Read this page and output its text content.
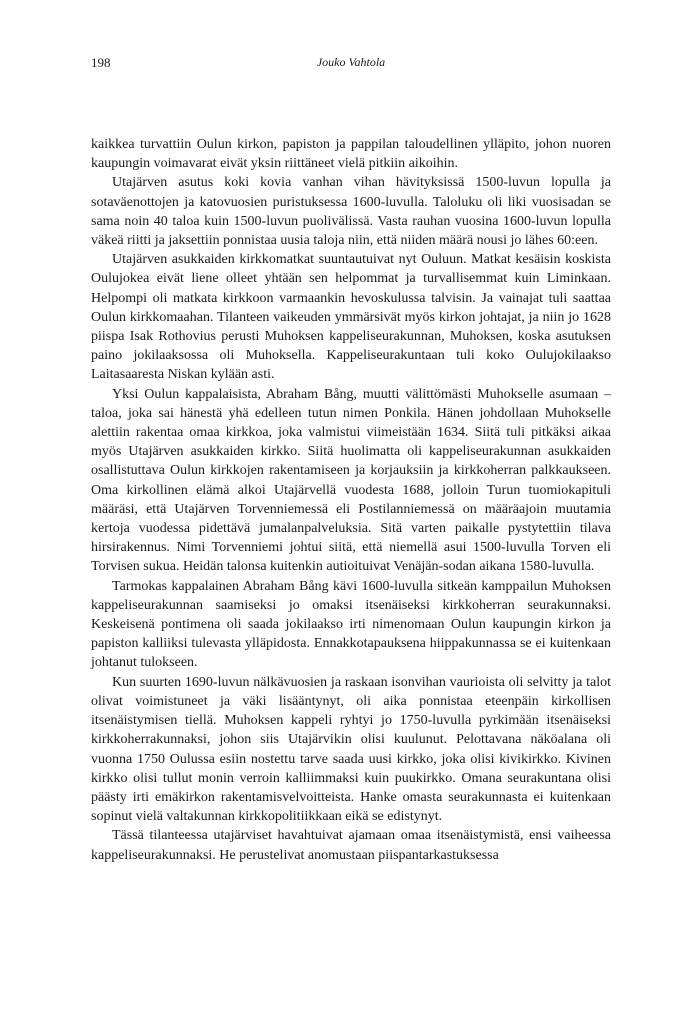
198	Jouko Vahtola

kaikkea turvattiin Oulun kirkon, papiston ja pappilan taloudellinen ylläpito, johon nuoren kaupungin voimavarat eivät yksin riittäneet vielä pitkiin aikoihin.

Utajärven asutus koki kovia vanhan vihan hävityksissä 1500-luvun lopulla ja sotaväenottojen ja katovuosien puristuksessa 1600-luvulla. Taloluku oli liki vuosisadan se sama noin 40 taloa kuin 1500-luvun puolivälissä. Vasta rauhan vuosina 1600-luvun lopulla väkeä riitti ja jaksettiin ponnistaa uusia taloja niin, että niiden määrä nousi jo lähes 60:een.

Utajärven asukkaiden kirkkomatkat suuntautuivat nyt Ouluun. Matkat kesäisin koskista Oulujokea eivät liene olleet yhtään sen helpommat ja turvallisemmat kuin Liminkaan. Helpompi oli matkata kirkkoon varmaankin hevoskulussa talvisin. Ja vainajat tuli saattaa Oulun kirkkomaahan. Tilanteen vaikeuden ymmärsivät myös kirkon johtajat, ja niin jo 1628 piispa Isak Rothovius perusti Muhoksen kappeliseurakunnan, Muhoksen, koska asutuksen paino jokilaaksossa oli Muhoksella. Kappeliseurakuntaan tuli koko Oulujokilaakso Laitasaaresta Niskan kylään asti.

Yksi Oulun kappalaisista, Abraham Bång, muutti välittömästi Muhokselle asumaan – taloa, joka sai hänestä yhä edelleen tutun nimen Ponkila. Hänen johdollaan Muhokselle alettiin rakentaa omaa kirkkoa, joka valmistui viimeistään 1634. Siitä tuli pitkäksi aikaa myös Utajärven asukkaiden kirkko. Siitä huolimatta oli kappeliseurakunnan asukkaiden osallistuttava Oulun kirkkojen rakentamiseen ja korjauksiin ja kirkkoherran palkkaukseen. Oma kirkollinen elämä alkoi Utajärvellä vuodesta 1688, jolloin Turun tuomiokapituli määräsi, että Utajärven Torvenniemessä eli Postilanniemessä on määräajoin muutamia kertoja vuodessa pidettävä jumalanpalveluksia. Sitä varten paikalle pystytettiin tilava hirsirakennus. Nimi Torvenniemi johtui siitä, että niemellä asui 1500-luvulla Torven eli Torvisen sukua. Heidän talonsa kuitenkin autioituivat Venäjän-sodan aikana 1580-luvulla.

Tarmokas kappalainen Abraham Bång kävi 1600-luvulla sitkeän kamppailun Muhoksen kappeliseurakunnan saamiseksi jo omaksi itsenäiseksi kirkkoherran seurakunnaksi. Keskeisenä pontimena oli saada jokilaakso irti nimenomaan Oulun kaupungin kirkon ja papiston kalliiksi tulevasta ylläpidosta. Ennakkotapauksena hiippakunnassa se ei kuitenkaan johtanut tulokseen.

Kun suurten 1690-luvun nälkävuosien ja raskaan isonvihan vaurioista oli selvitty ja talot olivat voimistuneet ja väki lisääntynyt, oli aika ponnistaa eteenpäin kirkollisen itsenäistymisen tiellä. Muhoksen kappeli ryhtyi jo 1750-luvulla pyrkimään itsenäiseksi kirkkoherrakunnaksi, johon siis Utajärvikin olisi kuulunut. Pelottavana näköalana oli vuonna 1750 Oulussa esiin nostettu tarve saada uusi kirkko, joka olisi kivikirkko. Kivinen kirkko olisi tullut monin verroin kalliimmaksi kuin puukirkko. Omana seurakuntana olisi päästy irti emäkirkon rakentamisvelvoitteista. Hanke omasta seurakunnasta ei kuitenkaan sopinut vielä valtakunnan kirkkopolitiikkaan eikä se edistynyt.

Tässä tilanteessa utajärviset havahtuivat ajamaan omaa itsenäistymistä, ensi vaiheessa kappeliseurakunnaksi. He perustelivat anomustaan piispantarkastuksessa
